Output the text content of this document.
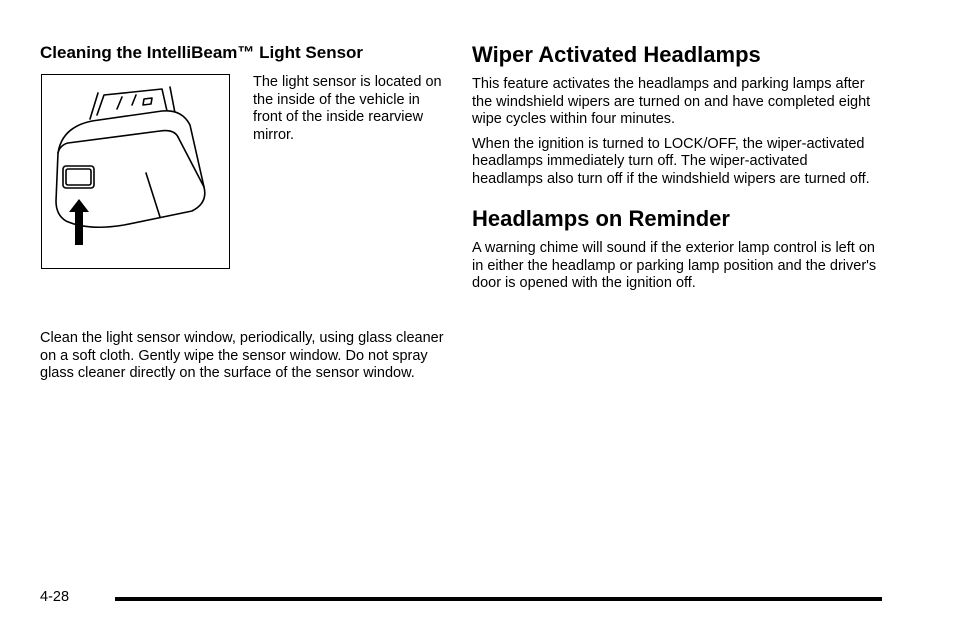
Cleaning the IntelliBeam™ Light Sensor

The light sensor is located on the inside of the vehicle in front of the inside rearview mirror.

Clean the light sensor window, periodically, using glass cleaner on a soft cloth. Gently wipe the sensor window. Do not spray glass cleaner directly on the surface of the sensor window.

Wiper Activated Headlamps

This feature activates the headlamps and parking lamps after the windshield wipers are turned on and have completed eight wipe cycles within four minutes.

When the ignition is turned to LOCK/OFF, the wiper-activated headlamps immediately turn off. The wiper-activated headlamps also turn off if the windshield wipers are turned off.

Headlamps on Reminder

A warning chime will sound if the exterior lamp control is left on in either the headlamp or parking lamp position and the driver's door is opened with the ignition off.

4-28
